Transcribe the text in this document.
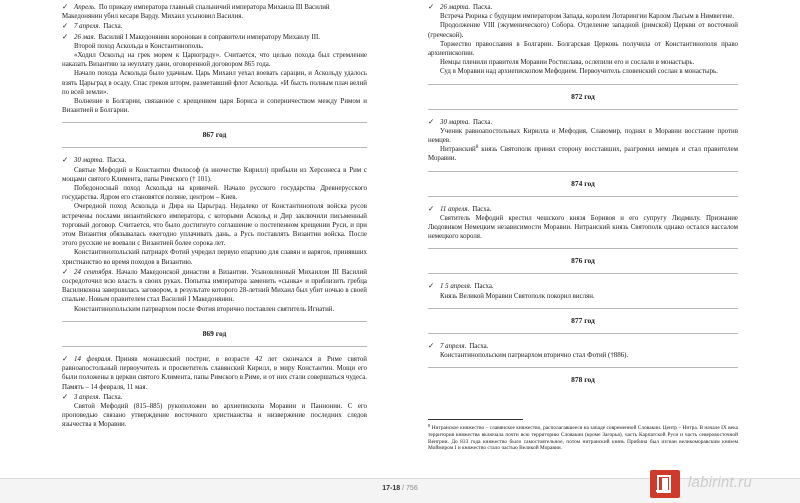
✓ Апрель. По приказу императора главный спальничий императора Михаила III Василий Македонянин убил кесаря Варду. Михаил усыновил Василия.
✓ 7 апреля. Пасха.
✓ 26 мая. Василий I Македонянин коронован в соправители императору Михаилу III.

Второй поход Аскольда в Константинополь.

«Ходил Осколъд на грек морем к Царюграду». Считается, что целью похода был стремление наказать Византию за неуплату дани, оговоренной договором 865 года.

Начало похода Аскольда было удачным. Царь Михаил уехал воевать сарацин, и Аскольду удалось взять Царьград в осаду. Спас греков шторм, разметавший флот Аскольда. «И бысть полным плач велий по всей земли».

Волнение в Болгарии, связанное с крещением царя Бориса и соперничеством между Римом и Византией в Болгарии.

867 год

✓ 30 марта. Пасха.

Святые Мефодий и Константин Философ (в иночестве Кирилл) прибыли из Херсонеса в Рим с мощами святого Климента, папы Римского († 101).

Победоносный поход Аскольда на кривичей. Начало русского государства Древнерусского государства. Ядром его становятся поляне, центром – Киев.

Очередной поход Аскольда и Дира на Царьград. Недалеко от Константинополя войска русов встречены послами византийского императора, с которыми Аскольд и Дир заключили письменный торговый договор. Считается, что было достигнуто соглашение о постепенном крещении Руси, и при этом Византия обязывалась ежегодно уплачивать дань, а Русь поставлять Византии войска. После этого русские не воевали с Византией более сорока лет.

Константинопольский патриарх Фотий учредил первую епархию для славян и варягов, принявших христианство во время походов в Византию.

✓ 24 сентября. Начало Македонской династии в Византии. Усыновленный Михаилом III Василий сосредоточил всю власть в своих руках. Попытка императора заменить «сынка» и приблизить гребца Василиконна завершилась заговором, в результате которого 28-летний Михаил был убит ночью в своей спальне. Новым правителем стал Василий I Македонянин.

Константинопольским патриархом после Фотия вторично поставлен святитель Игнатий.

869 год

✓ 14 февраля. Приняв монашеский постриг, в возрасте 42 лет скончался в Риме святой равноапостольный первоучитель и просветитель славянский Кирилл, в миру Константин. Мощи его были положены в церкви святого Климента, папы Римского в Риме, и от них стали совершаться чудеса. Память – 14 февраля, 11 мая.
✓ 3 апреля. Пасха.

Святой Мефодий (815–885) рукоположен во архиепископа Моравии и Паннонии. С его проповедью связано утверждение восточного христианства и низвержение последних следов язычества в Моравии.

✓ 26 марта. Пасха.

Встреча Рюрика с будущим императором Запада, королем Лотарингии Карлом Лысым в Нимвегене.

Продолжение VIII (экуменического) Собора. Отделение западной (римской) Церкви от восточной (греческой).

Торжество православия в Болгарии. Болгарская Церковь получила от Константинополя право архиепископии.

Немцы пленили правителя Моравии Ростислава, ослепили его и сослали в монастырь.

Суд в Моравии над архиепископом Мефодием. Первоучитель словенский сослан в монастырь.

872 год

✓ 30 марта. Пасха.

Ученик равноапостольных Кирилла и Мефодия, Славомир, поднял в Моравии восстание против немцев.

Нитранский$^8$ князь Святополк принял сторону восставших, разгромил немцев и стал правителем Моравии.

874 год

✓ 11 апреля. Пасха.

Святитель Мефодий крестил чешского князя Боривоя и его супругу Людмилу. Признание Людовиком Немецким независимости Моравии. Нитранский князь Святополк однако остался вассалом немецкого короля.

876 год

✓ 1 5 апреля. Пасха.

Князь Великой Моравии Святополк покорил вислян.

877 год

✓ 7 апреля. Пасха.

Константинопольским патриархом вторично стал Фотий (†886).

878 год

$^8$ Нитранское княжество – славянское княжество, располагавшееся на западе современной Словакии. Центр – Нитра. В начале IX века территория княжества включала почти всю территорию Словакии (кроме Загорья), часть Карпатской Руси и часть северовосточной Венгрии. До 833 года княжество было самостоятельное, потом нитранский князь Прибина был изгнан великоморавским князем Моймиром I и княжество стало частью Великой Моравии.

17-18 / 756	labirint.ru
